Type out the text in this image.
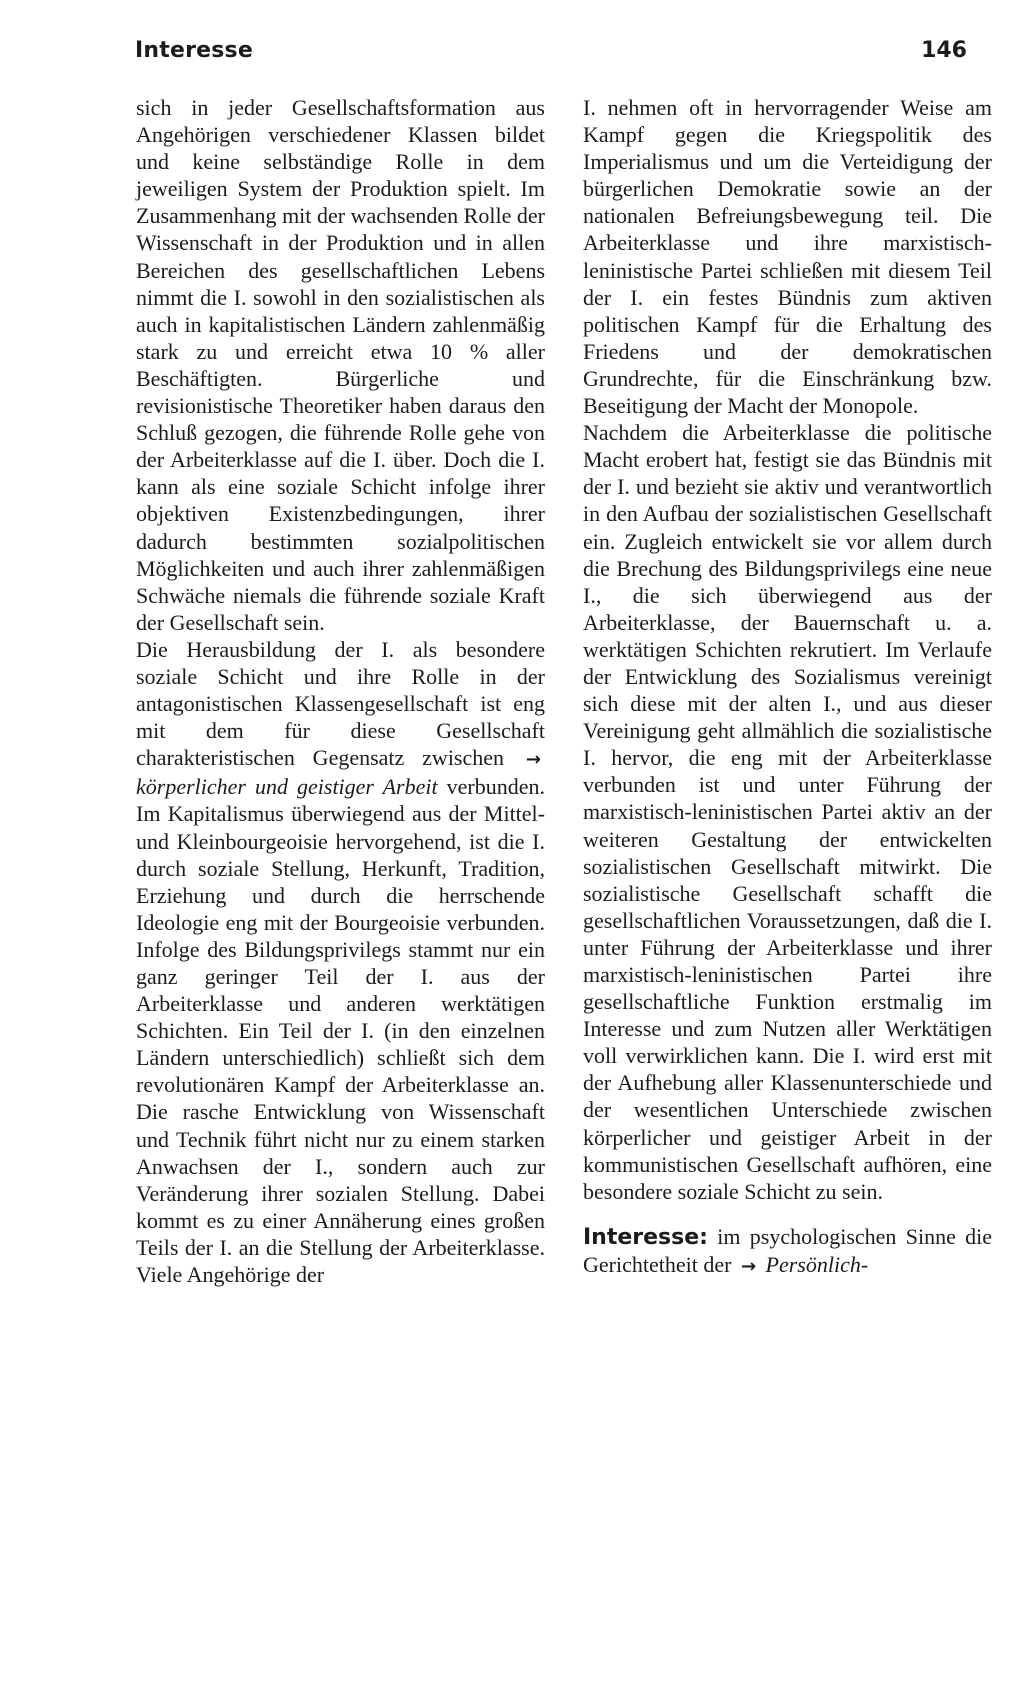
Interesse	146

sich in jeder Gesellschaftsformation aus Angehörigen verschiedener Klassen bildet und keine selbständige Rolle in dem jeweiligen System der Produktion spielt. Im Zusammenhang mit der wachsenden Rolle der Wissenschaft in der Produktion und in allen Bereichen des gesellschaftlichen Lebens nimmt die I. sowohl in den sozialistischen als auch in kapitalistischen Ländern zahlenmäßig stark zu und erreicht etwa 10 % aller Beschäftigten. Bürgerliche und revisionistische Theoretiker haben daraus den Schluß gezogen, die führende Rolle gehe von der Arbeiterklasse auf die I. über. Doch die I. kann als eine soziale Schicht infolge ihrer objektiven Existenzbedingungen, ihrer dadurch bestimmten sozialpolitischen Möglichkeiten und auch ihrer zahlenmäßigen Schwäche niemals die führende soziale Kraft der Gesellschaft sein.

Die Herausbildung der I. als besondere soziale Schicht und ihre Rolle in der antagonistischen Klassengesellschaft ist eng mit dem für diese Gesellschaft charakteristischen Gegensatz zwischen → körperlicher und geistiger Arbeit verbunden. Im Kapitalismus überwiegend aus der Mittel- und Kleinbourgeoisie hervorgehend, ist die I. durch soziale Stellung, Herkunft, Tradition, Erziehung und durch die herrschende Ideologie eng mit der Bourgeoisie verbunden. Infolge des Bildungsprivilegs stammt nur ein ganz geringer Teil der I. aus der Arbeiterklasse und anderen werktätigen Schichten. Ein Teil der I. (in den einzelnen Ländern unterschiedlich) schließt sich dem revolutionären Kampf der Arbeiterklasse an. Die rasche Entwicklung von Wissenschaft und Technik führt nicht nur zu einem starken Anwachsen der I., sondern auch zur Veränderung ihrer sozialen Stellung. Dabei kommt es zu einer Annäherung eines großen Teils der I. an die Stellung der Arbeiterklasse. Viele Angehörige der

I. nehmen oft in hervorragender Weise am Kampf gegen die Kriegspolitik des Imperialismus und um die Verteidigung der bürgerlichen Demokratie sowie an der nationalen Befreiungsbewegung teil. Die Arbeiterklasse und ihre marxistisch-leninistische Partei schließen mit diesem Teil der I. ein festes Bündnis zum aktiven politischen Kampf für die Erhaltung des Friedens und der demokratischen Grundrechte, für die Einschränkung bzw. Beseitigung der Macht der Monopole.

Nachdem die Arbeiterklasse die politische Macht erobert hat, festigt sie das Bündnis mit der I. und bezieht sie aktiv und verantwortlich in den Aufbau der sozialistischen Gesellschaft ein. Zugleich entwickelt sie vor allem durch die Brechung des Bildungsprivilegs eine neue I., die sich überwiegend aus der Arbeiterklasse, der Bauernschaft u. a. werktätigen Schichten rekrutiert. Im Verlaufe der Entwicklung des Sozialismus vereinigt sich diese mit der alten I., und aus dieser Vereinigung geht allmählich die sozialistische I. hervor, die eng mit der Arbeiterklasse verbunden ist und unter Führung der marxistisch-leninistischen Partei aktiv an der weiteren Gestaltung der entwickelten sozialistischen Gesellschaft mitwirkt. Die sozialistische Gesellschaft schafft die gesellschaftlichen Voraussetzungen, daß die I. unter Führung der Arbeiterklasse und ihrer marxistisch-leninistischen Partei ihre gesellschaftliche Funktion erstmalig im Interesse und zum Nutzen aller Werktätigen voll verwirklichen kann. Die I. wird erst mit der Aufhebung aller Klassenunterschiede und der wesentlichen Unterschiede zwischen körperlicher und geistiger Arbeit in der kommunistischen Gesellschaft aufhören, eine besondere soziale Schicht zu sein.

Interesse: im psychologischen Sinne die Gerichtetheit der → Persönlich-
